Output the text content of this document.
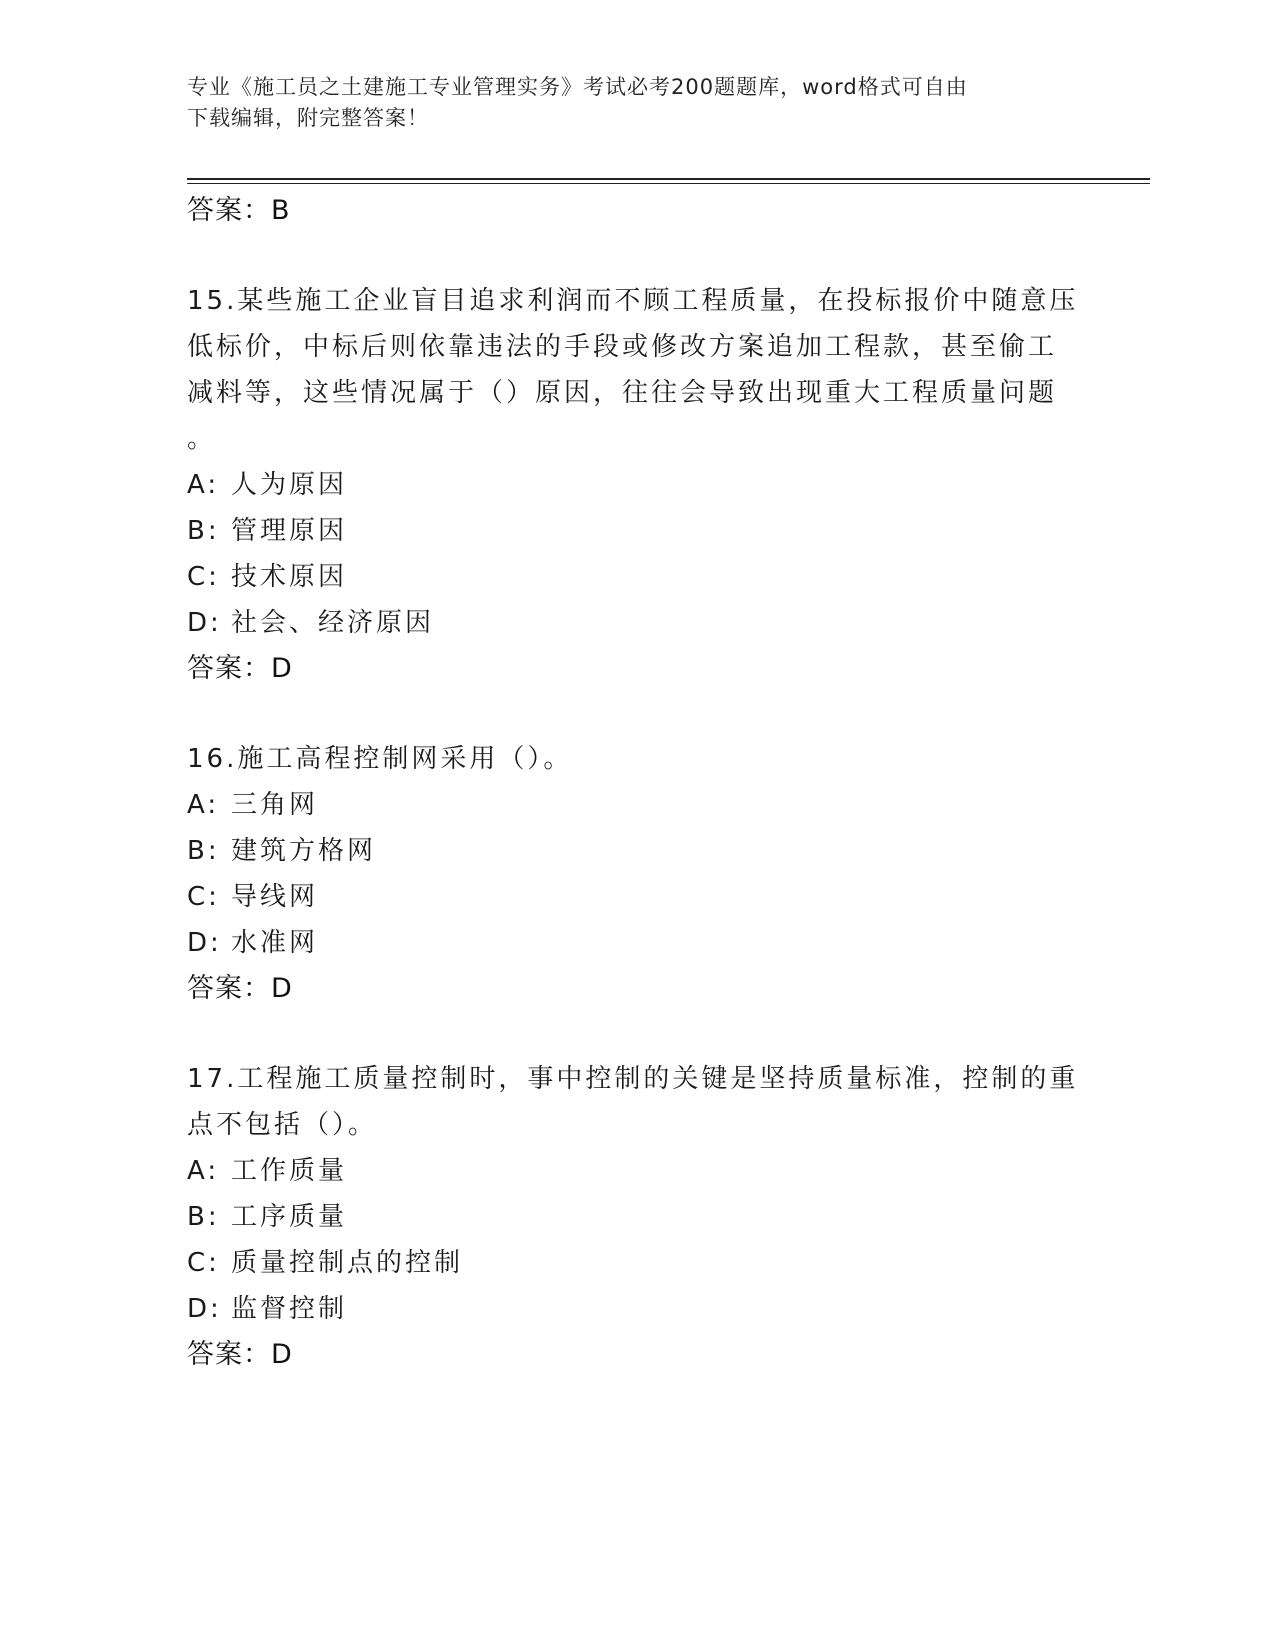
专业《施工员之土建施工专业管理实务》考试必考200题题库，word格式可自由
下载编辑，附完整答案！
答案：B
15.某些施工企业盲目追求利润而不顾工程质量，在投标报价中随意压
低标价，中标后则依靠违法的手段或修改方案追加工程款，甚至偷工
减料等，这些情况属于（）原因，往往会导致出现重大工程质量问题
。
A: 人为原因
B: 管理原因
C: 技术原因
D: 社会、经济原因
答案：D
16.施工高程控制网采用（）。
A: 三角网
B: 建筑方格网
C: 导线网
D: 水准网
答案：D
17.工程施工质量控制时，事中控制的关键是坚持质量标准，控制的重
点不包括（）。
A: 工作质量
B: 工序质量
C: 质量控制点的控制
D: 监督控制
答案：D
